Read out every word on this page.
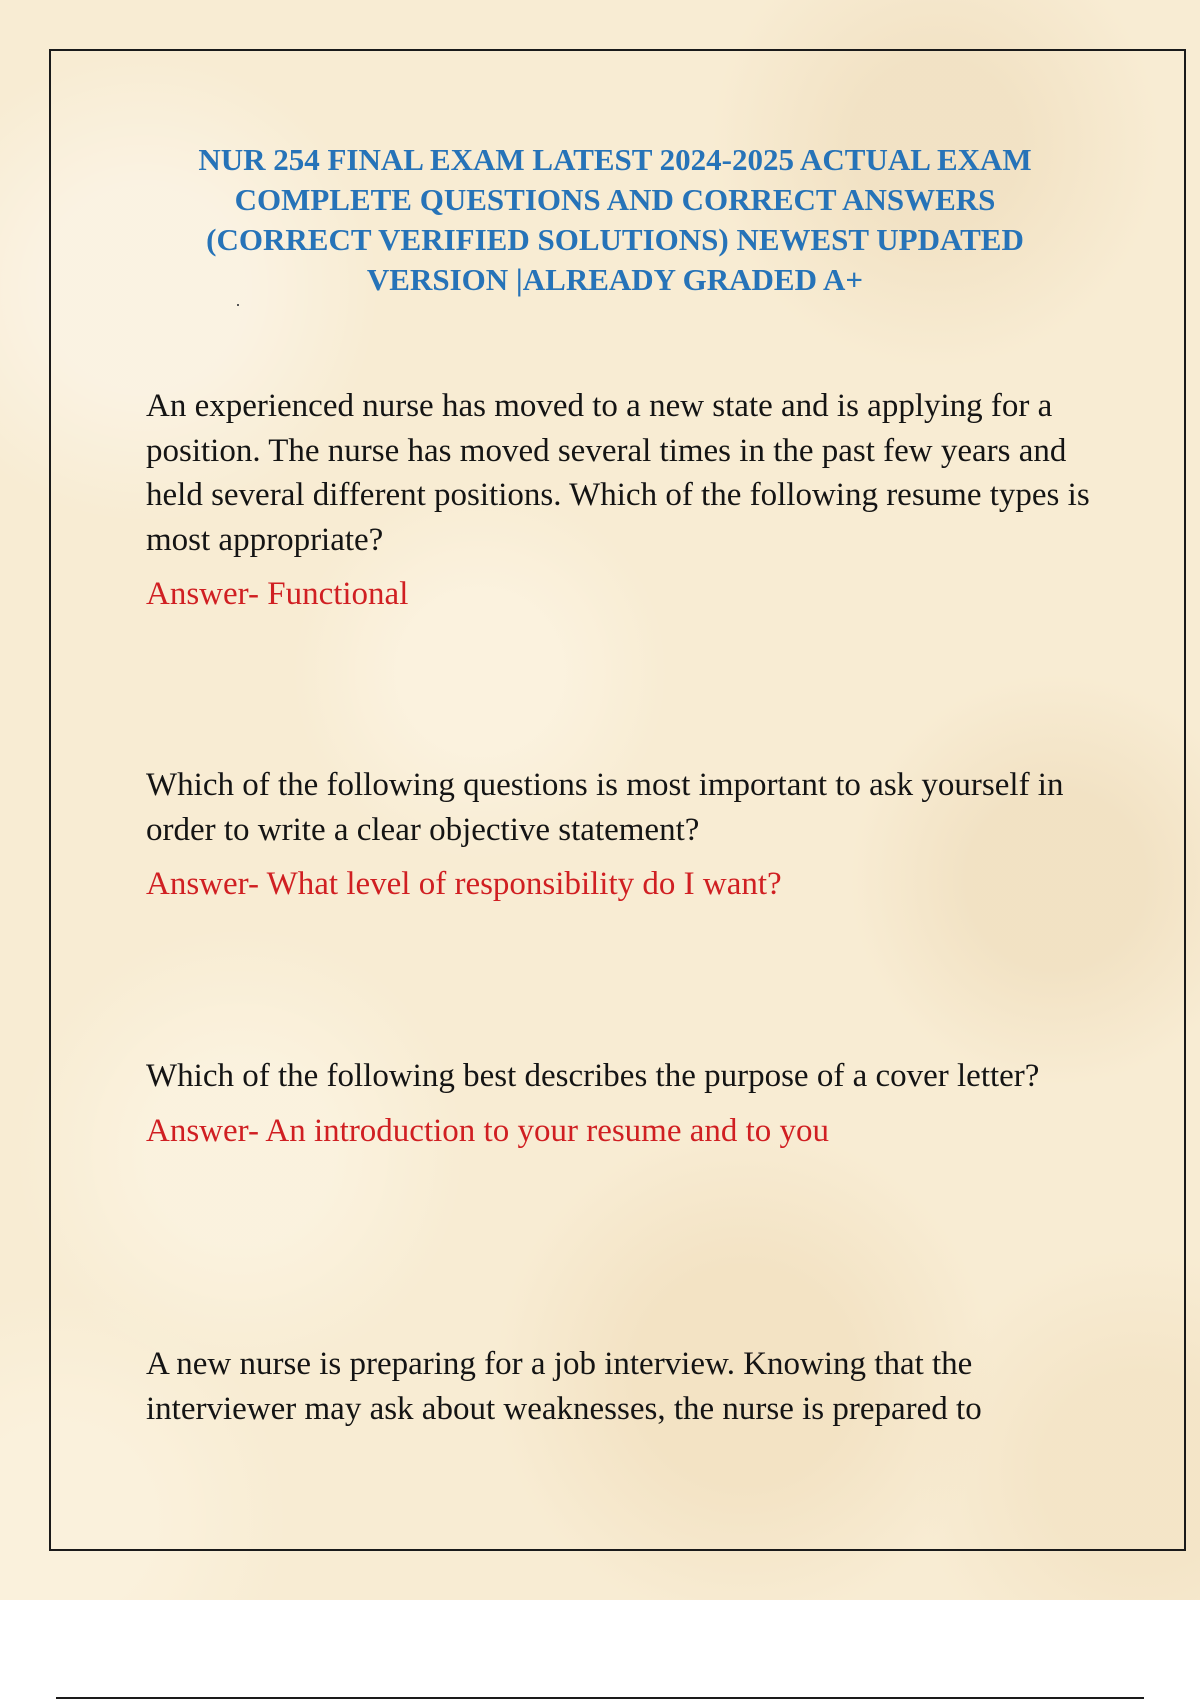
NUR 254 FINAL EXAM LATEST 2024-2025 ACTUAL EXAM COMPLETE QUESTIONS AND CORRECT ANSWERS (CORRECT VERIFIED SOLUTIONS) NEWEST UPDATED VERSION |ALREADY GRADED A+

An experienced nurse has moved to a new state and is applying for a position. The nurse has moved several times in the past few years and held several different positions. Which of the following resume types is most appropriate?

Answer- Functional

Which of the following questions is most important to ask yourself in order to write a clear objective statement?

Answer- What level of responsibility do I want?

Which of the following best describes the purpose of a cover letter?

Answer- An introduction to your resume and to you

A new nurse is preparing for a job interview. Knowing that the interviewer may ask about weaknesses, the nurse is prepared to
